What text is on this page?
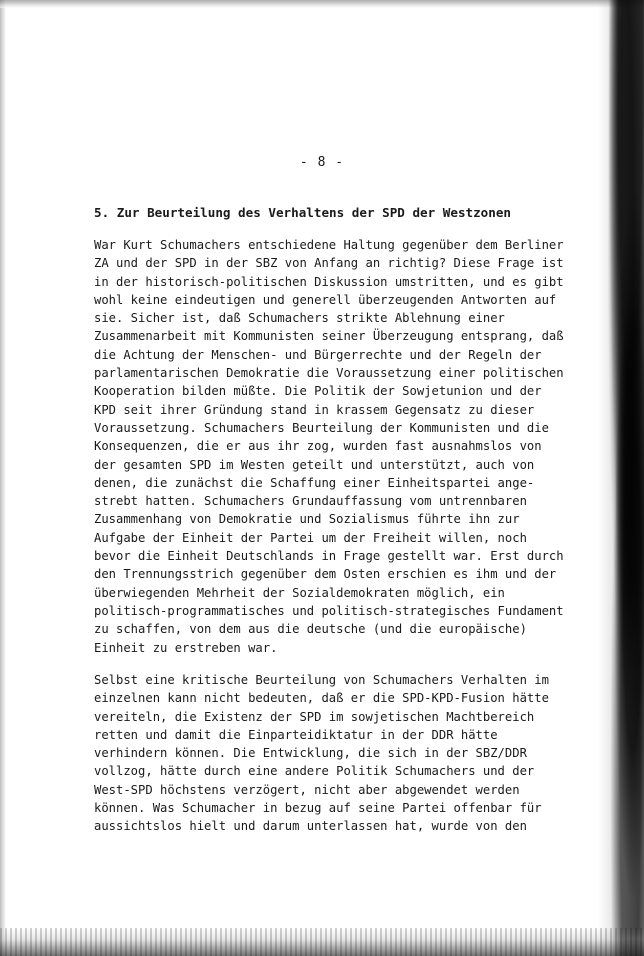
- 8 -
5. Zur Beurteilung des Verhaltens der SPD der Westzonen
War Kurt Schumachers entschiedene Haltung gegenüber dem Berliner
ZA und der SPD in der SBZ von Anfang an richtig? Diese Frage ist
in der historisch-politischen Diskussion umstritten, und es gibt
wohl keine eindeutigen und generell überzeugenden Antworten auf
sie. Sicher ist, daß Schumachers strikte Ablehnung einer
Zusammenarbeit mit Kommunisten seiner Überzeugung entsprang, daß
die Achtung der Menschen- und Bürgerrechte und der Regeln der
parlamentarischen Demokratie die Voraussetzung einer politischen
Kooperation bilden müßte. Die Politik der Sowjetunion und der
KPD seit ihrer Gründung stand in krassem Gegensatz zu dieser
Voraussetzung. Schumachers Beurteilung der Kommunisten und die
Konsequenzen, die er aus ihr zog, wurden fast ausnahmslos von
der gesamten SPD im Westen geteilt und unterstützt, auch von
denen, die zunächst die Schaffung einer Einheitspartei ange-
strebt hatten. Schumachers Grundauffassung vom untrennbaren
Zusammenhang von Demokratie und Sozialismus führte ihn zur
Aufgabe der Einheit der Partei um der Freiheit willen, noch
bevor die Einheit Deutschlands in Frage gestellt war. Erst durch
den Trennungsstrich gegenüber dem Osten erschien es ihm und der
überwiegenden Mehrheit der Sozialdemokraten möglich, ein
politisch-programmatisches und politisch-strategisches Fundament
zu schaffen, von dem aus die deutsche (und die europäische)
Einheit zu erstreben war.
Selbst eine kritische Beurteilung von Schumachers Verhalten im
einzelnen kann nicht bedeuten, daß er die SPD-KPD-Fusion hätte
vereiteln, die Existenz der SPD im sowjetischen Machtbereich
retten und damit die Einparteidiktatur in der DDR hätte
verhindern können. Die Entwicklung, die sich in der SBZ/DDR
vollzog, hätte durch eine andere Politik Schumachers und der
West-SPD höchstens verzögert, nicht aber abgewendet werden
können. Was Schumacher in bezug auf seine Partei offenbar für
aussichtslos hielt und darum unterlassen hat, wurde von den
